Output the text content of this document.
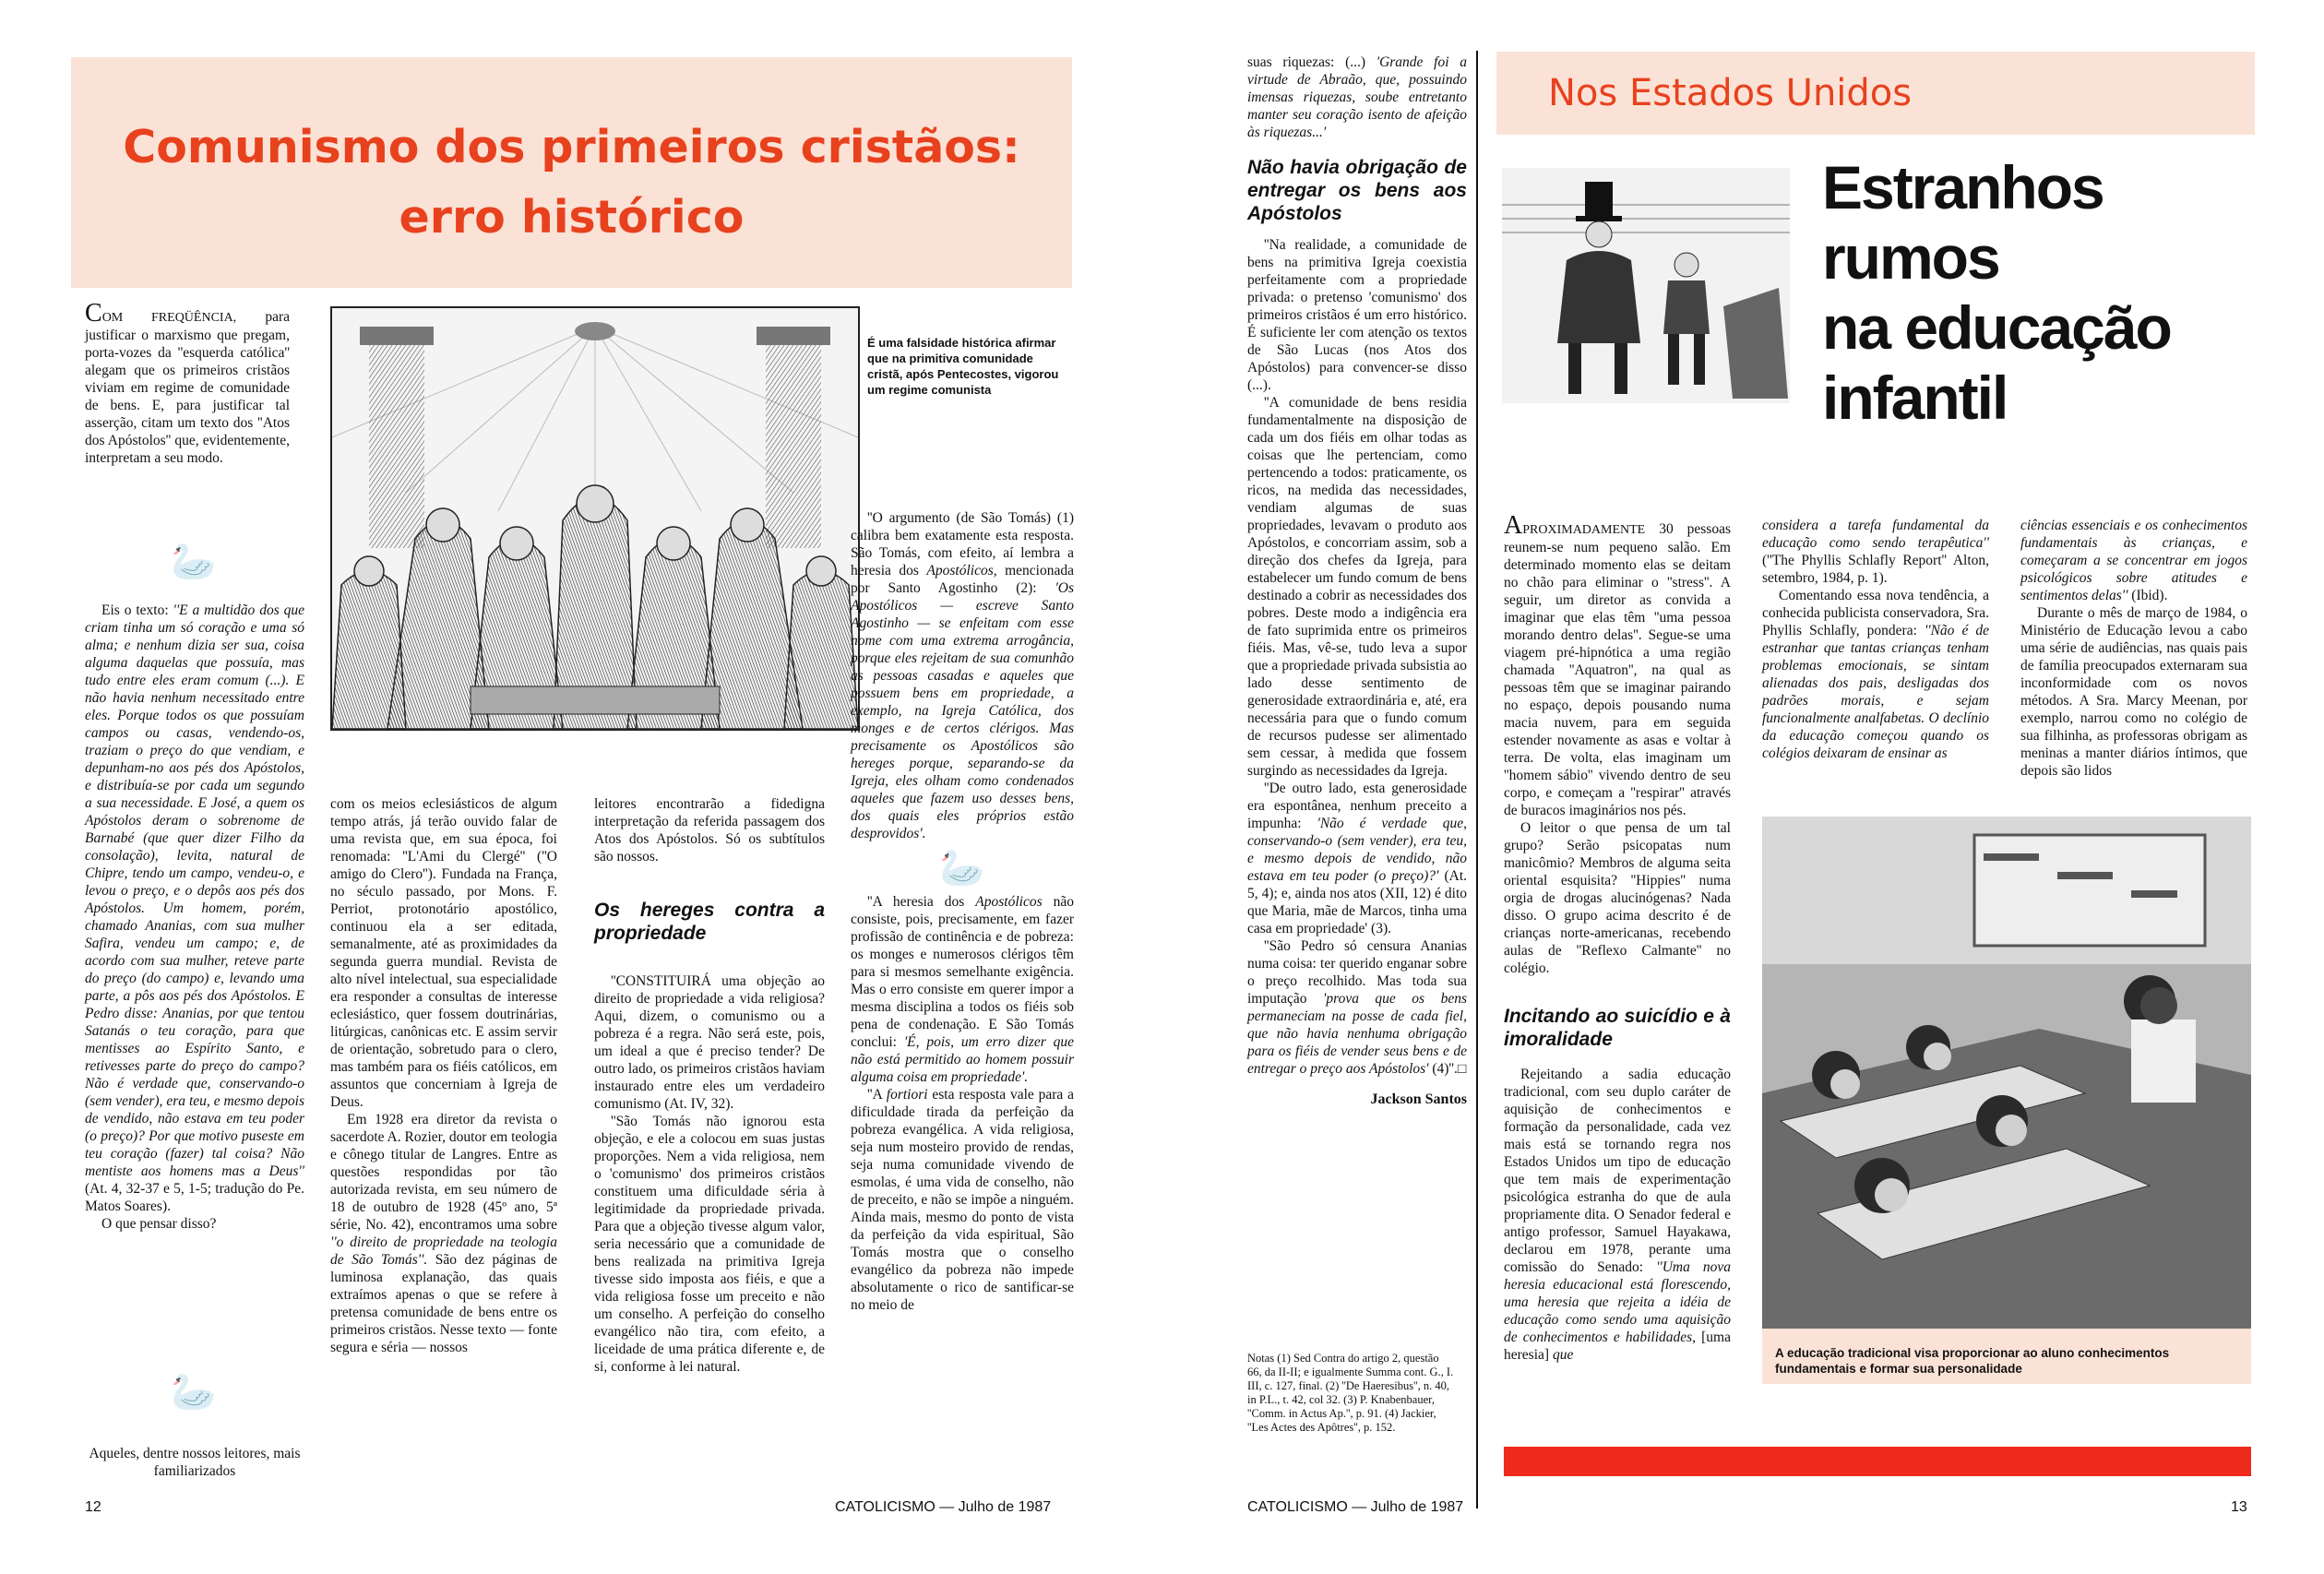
Comunismo dos primeiros cristãos:
erro histórico

COM FREQÜÊNCIA, para justificar o marxismo que pregam, porta-vozes da ''esquerda católica'' alegam que os primeiros cristãos viviam em regime de comunidade de bens. E, para justificar tal asserção, citam um texto dos ''Atos dos Apóstolos'' que, evidentemente, interpretam a seu modo.

🦢
É uma falsidade histórica afirmar que na primitiva comunidade cristã, após Pentecostes, vigorou um regime comunista

Eis o texto: ''E a multidão dos que criam tinha um só coração e uma só alma; e nenhum dizia ser sua, coisa alguma daquelas que possuía, mas tudo entre eles eram comum (...). E não havia nenhum necessitado entre eles. Porque todos os que possuíam campos ou casas, vendendo-os, traziam o preço do que vendiam, e depunham-no aos pés dos Apóstolos, e distribuía-se por cada um segundo a sua necessidade. E José, a quem os Apóstolos deram o sobrenome de Barnabé (que quer dizer Filho da consolação), levita, natural de Chipre, tendo um campo, vendeu-o, e levou o preço, e o depôs aos pés dos Apóstolos. Um homem, porém, chamado Ananias, com sua mulher Safira, vendeu um campo; e, de acordo com sua mulher, reteve parte do preço (do campo) e, levando uma parte, a pôs aos pés dos Apóstolos. E Pedro disse: Ananias, por que tentou Satanás o teu coração, para que mentisses ao Espírito Santo, e retivesses parte do preço do campo? Não é verdade que, conservando-o (sem vender), era teu, e mesmo depois de vendido, não estava em teu poder (o preço)? Por que motivo puseste em teu coração (fazer) tal coisa? Não mentiste aos homens mas a Deus'' (At. 4, 32-37 e 5, 1-5; tradução do Pe. Matos Soares).

O que pensar disso?

🦢

Aqueles, dentre nossos leitores, mais familiarizados

com os meios eclesiásticos de algum tempo atrás, já terão ouvido falar de uma revista que, em sua época, foi renomada: ''L'Ami du Clergé'' (''O amigo do Clero''). Fundada na França, no século passado, por Mons. F. Perriot, protonotário apostólico, continuou ela a ser editada, semanalmente, até as proximidades da segunda guerra mundial. Revista de alto nível intelectual, sua especialidade era responder a consultas de interesse eclesiástico, quer fossem doutrinárias, litúrgicas, canônicas etc. E assim servir de orientação, sobretudo para o clero, mas também para os fiéis católicos, em assuntos que concerniam à Igreja de Deus.

Em 1928 era diretor da revista o sacerdote A. Rozier, doutor em teologia e cônego titular de Langres. Entre as questões respondidas por tão autorizada revista, em seu número de 18 de outubro de 1928 (45º ano, 5ª série, No. 42), encontramos uma sobre ''o direito de propriedade na teologia de São Tomás''. São dez páginas de luminosa explanação, das quais extraímos apenas o que se refere à pretensa comunidade de bens entre os primeiros cristãos. Nesse texto — fonte segura e séria — nossos

leitores encontrarão a fidedigna interpretação da referida passagem dos Atos dos Apóstolos. Só os subtítulos são nossos.

Os hereges contra a propriedade

''CONSTITUIRÁ uma objeção ao direito de propriedade a vida religiosa? Aqui, dizem, o comunismo ou a pobreza é a regra. Não será este, pois, um ideal a que é preciso tender? De outro lado, os primeiros cristãos haviam instaurado entre eles um verdadeiro comunismo (At. IV, 32).

''São Tomás não ignorou esta objeção, e ele a colocou em suas justas proporções. Nem a vida religiosa, nem o 'comunismo' dos primeiros cristãos constituem uma dificuldade séria à legitimidade da propriedade privada. Para que a objeção tivesse algum valor, seria necessário que a comunidade de bens realizada na primitiva Igreja tivesse sido imposta aos fiéis, e que a vida religiosa fosse um preceito e não um conselho. A perfeição do conselho evangélico não tira, com efeito, a liceidade de uma prática diferente e, de si, conforme à lei natural.

''O argumento (de São Tomás) (1) calibra bem exatamente esta resposta. São Tomás, com efeito, aí lembra a heresia dos Apostólicos, mencionada por Santo Agostinho (2): 'Os Apostólicos — escreve Santo Agostinho — se enfeitam com esse nome com uma extrema arrogância, porque eles rejeitam de sua comunhão as pessoas casadas e aqueles que possuem bens em propriedade, a exemplo, na Igreja Católica, dos monges e de certos clérigos. Mas precisamente os Apostólicos são hereges porque, separando-se da Igreja, eles olham como condenados aqueles que fazem uso desses bens, dos quais eles próprios estão desprovidos'.

🦢

''A heresia dos Apostólicos não consiste, pois, precisamente, em fazer profissão de continência e de pobreza: os monges e numerosos clérigos têm para si mesmos semelhante exigência. Mas o erro consiste em querer impor a mesma disciplina a todos os fiéis sob pena de condenação. E São Tomás conclui: 'É, pois, um erro dizer que não está permitido ao homem possuir alguma coisa em propriedade'.

''A fortiori esta resposta vale para a dificuldade tirada da perfeição da pobreza evangélica. A vida religiosa, seja num mosteiro provido de rendas, seja numa comunidade vivendo de esmolas, é uma vida de conselho, não de preceito, e não se impõe a ninguém. Ainda mais, mesmo do ponto de vista da perfeição da vida espiritual, São Tomás mostra que o conselho evangélico da pobreza não impede absolutamente o rico de santificar-se no meio de

12	CATOLICISMO — Julho de 1987

suas riquezas: (...) 'Grande foi a virtude de Abraão, que, possuindo imensas riquezas, soube entretanto manter seu coração isento de afeição às riquezas...'

Não havia obrigação de entregar os bens aos Apóstolos

''Na realidade, a comunidade de bens na primitiva Igreja coexistia perfeitamente com a propriedade privada: o pretenso 'comunismo' dos primeiros cristãos é um erro histórico. É suficiente ler com atenção os textos de São Lucas (nos Atos dos Apóstolos) para convencer-se disso (...).

''A comunidade de bens residia fundamentalmente na disposição de cada um dos fiéis em olhar todas as coisas que lhe pertenciam, como pertencendo a todos: praticamente, os ricos, na medida das necessidades, vendiam algumas de suas propriedades, levavam o produto aos Apóstolos, e concorriam assim, sob a direção dos chefes da Igreja, para estabelecer um fundo comum de bens destinado a cobrir as necessidades dos pobres. Deste modo a indigência era de fato suprimida entre os primeiros fiéis. Mas, vê-se, tudo leva a supor que a propriedade privada subsistia ao lado desse sentimento de generosidade extraordinária e, até, era necessária para que o fundo comum de recursos pudesse ser alimentado sem cessar, à medida que fossem surgindo as necessidades da Igreja.

''De outro lado, esta generosidade era espontânea, nenhum preceito a impunha: 'Não é verdade que, conservando-o (sem vender), era teu, e mesmo depois de vendido, não estava em teu poder (o preço)?' (At. 5, 4); e, ainda nos atos (XII, 12) é dito que Maria, mãe de Marcos, tinha uma casa em propriedade' (3).

''São Pedro só censura Ananias numa coisa: ter querido enganar sobre o preço recolhido. Mas toda sua imputação 'prova que os bens permaneciam na posse de cada fiel, que não havia nenhuma obrigação para os fiéis de vender seus bens e de entregar o preço aos Apóstolos' (4)''.□

Jackson Santos
Notas (1) Sed Contra do artigo 2, questão 66, da II-II; e igualmente Summa cont. G., I. III, c. 127, final. (2) ''De Haeresibus'', n. 40, in P.L., t. 42, col 32. (3) P. Knabenbauer, ''Comm. in Actus Ap.'', p. 91. (4) Jackier, ''Les Actes des Apôtres'', p. 152.
CATOLICISMO — Julho de 1987
Nos Estados Unidos
Estranhos
rumos
na educação
infantil

APROXIMADAMENTE 30 pessoas reunem-se num pequeno salão. Em determinado momento elas se deitam no chão para eliminar o ''stress''. A seguir, um diretor as convida a imaginar que elas têm ''uma pessoa morando dentro delas''. Segue-se uma viagem pré-hipnótica a uma região chamada ''Aquatron'', na qual as pessoas têm que se imaginar pairando no espaço, depois pousando numa macia nuvem, para em seguida estender novamente as asas e voltar à terra. De volta, elas imaginam um ''homem sábio'' vivendo dentro de seu corpo, e começam a ''respirar'' através de buracos imaginários nos pés.

O leitor o que pensa de um tal grupo? Serão psicopatas num manicômio? Membros de alguma seita oriental esquisita? ''Hippies'' numa orgia de drogas alucinógenas? Nada disso. O grupo acima descrito é de crianças norte-americanas, recebendo aulas de ''Reflexo Calmante'' no colégio.

Incitando ao suicídio e à imoralidade

Rejeitando a sadia educação tradicional, com seu duplo caráter de aquisição de conhecimentos e formação da personalidade, cada vez mais está se tornando regra nos Estados Unidos um tipo de educação que tem mais de experimentação psicológica estranha do que de aula propriamente dita. O Senador federal e antigo professor, Samuel Hayakawa, declarou em 1978, perante uma comissão do Senado: ''Uma nova heresia educacional está florescendo, uma heresia que rejeita a idéia de educação como sendo uma aquisição de conhecimentos e habilidades, [uma heresia] que

considera a tarefa fundamental da educação como sendo terapêutica'' (''The Phyllis Schlafly Report'' Alton, setembro, 1984, p. 1).

Comentando essa nova tendência, a conhecida publicista conservadora, Sra. Phyllis Schlafly, pondera: ''Não é de estranhar que tantas crianças tenham problemas emocionais, se sintam alienadas dos pais, desligadas dos padrões morais, e sejam funcionalmente analfabetas. O declínio da educação começou quando os colégios deixaram de ensinar as

ciências essenciais e os conhecimentos fundamentais às crianças, e começaram a se concentrar em jogos psicológicos sobre atitudes e sentimentos delas'' (Ibid).

Durante o mês de março de 1984, o Ministério de Educação levou a cabo uma série de audiências, nas quais pais de família preocupados externaram sua inconformidade com os novos métodos. A Sra. Marcy Meenan, por exemplo, narrou como no colégio de sua filhinha, as professoras obrigam as meninas a manter diários íntimos, que depois são lidos

A educação tradicional visa proporcionar ao aluno conhecimentos fundamentais e formar sua personalidade
13
